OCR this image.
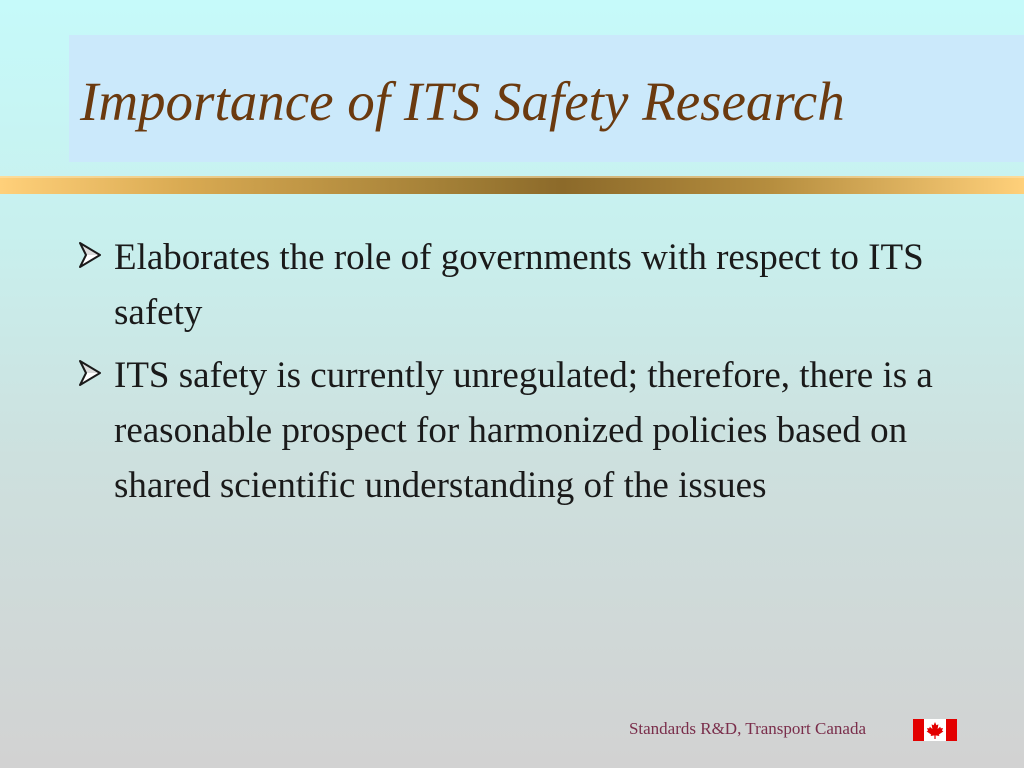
Importance of ITS Safety Research
Elaborates the role of governments with respect to ITS safety
ITS safety is currently unregulated; therefore, there is a reasonable prospect for harmonized policies based on shared scientific understanding of the issues
Standards R&D, Transport Canada
